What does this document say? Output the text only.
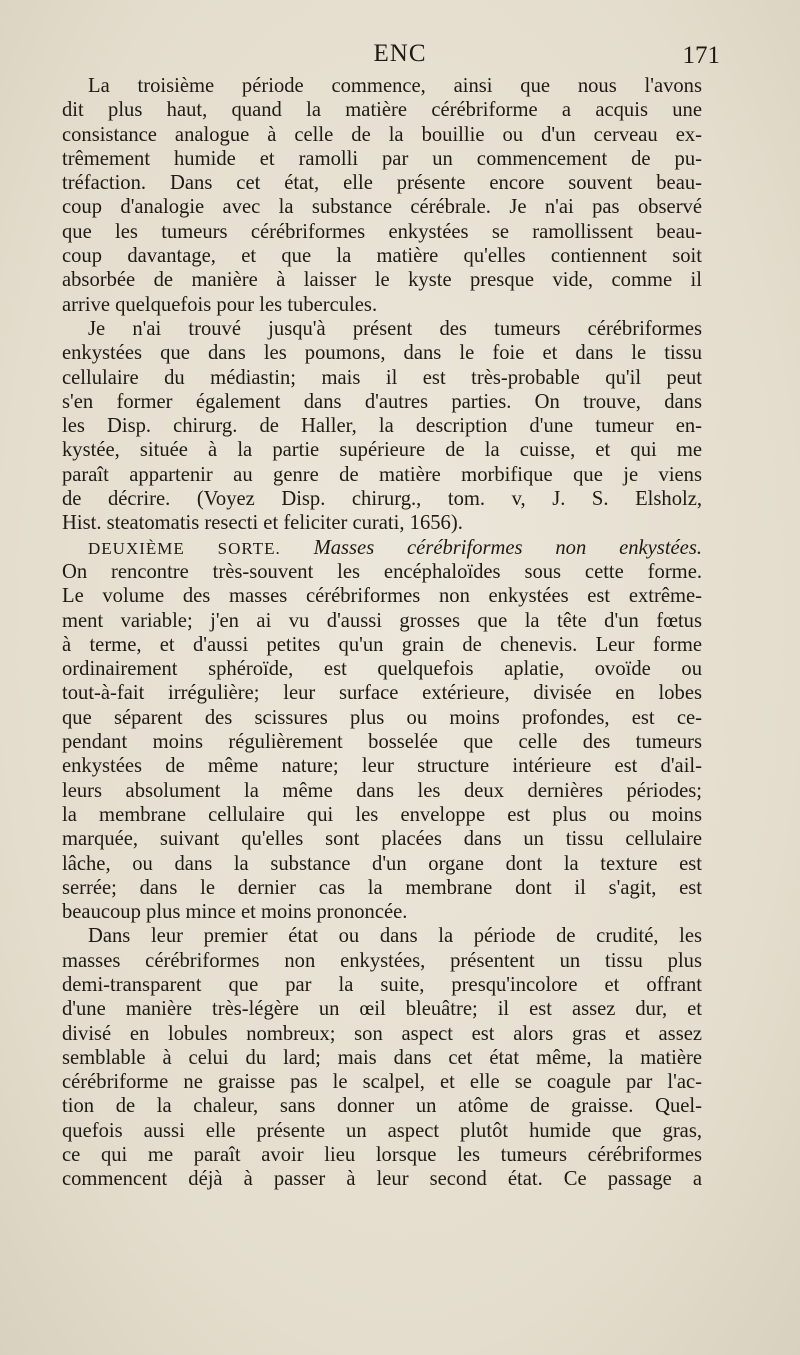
ENC	171
La troisième période commence, ainsi que nous l'avons
dit plus haut, quand la matière cérébriforme a acquis une
consistance analogue à celle de la bouillie ou d'un cerveau ex-
trêmement humide et ramolli par un commencement de pu-
tréfaction. Dans cet état, elle présente encore souvent beau-
coup d'analogie avec la substance cérébrale. Je n'ai pas observé
que les tumeurs cérébriformes enkystées se ramollissent beau-
coup davantage, et que la matière qu'elles contiennent soit
absorbée de manière à laisser le kyste presque vide, comme il
arrive quelquefois pour les tubercules.
Je n'ai trouvé jusqu'à présent des tumeurs cérébriformes
enkystées que dans les poumons, dans le foie et dans le tissu
cellulaire du médiastin; mais il est très-probable qu'il peut
s'en former également dans d'autres parties. On trouve, dans
les Disp. chirurg. de Haller, la description d'une tumeur en-
kystée, située à la partie supérieure de la cuisse, et qui me
paraît appartenir au genre de matière morbifique que je viens
de décrire. (Voyez Disp. chirurg., tom. v, J. S. Elsholz,
Hist. steatomatis resecti et feliciter curati, 1656).
DEUXIÈME SORTE. Masses cérébriformes non enkystées.
On rencontre très-souvent les encéphaloïdes sous cette forme.
Le volume des masses cérébriformes non enkystées est extrême-
ment variable; j'en ai vu d'aussi grosses que la tête d'un fœtus
à terme, et d'aussi petites qu'un grain de chenevis. Leur forme
ordinairement sphéroïde, est quelquefois aplatie, ovoïde ou
tout-à-fait irrégulière; leur surface extérieure, divisée en lobes
que séparent des scissures plus ou moins profondes, est ce-
pendant moins régulièrement bosselée que celle des tumeurs
enkystées de même nature; leur structure intérieure est d'ail-
leurs absolument la même dans les deux dernières périodes;
la membrane cellulaire qui les enveloppe est plus ou moins
marquée, suivant qu'elles sont placées dans un tissu cellulaire
lâche, ou dans la substance d'un organe dont la texture est
serrée; dans le dernier cas la membrane dont il s'agit, est
beaucoup plus mince et moins prononcée.
Dans leur premier état ou dans la période de crudité, les
masses cérébriformes non enkystées, présentent un tissu plus
demi-transparent que par la suite, presqu'incolore et offrant
d'une manière très-légère un œil bleuâtre; il est assez dur, et
divisé en lobules nombreux; son aspect est alors gras et assez
semblable à celui du lard; mais dans cet état même, la matière
cérébriforme ne graisse pas le scalpel, et elle se coagule par l'ac-
tion de la chaleur, sans donner un atôme de graisse. Quel-
quefois aussi elle présente un aspect plutôt humide que gras,
ce qui me paraît avoir lieu lorsque les tumeurs cérébriformes
commencent déjà à passer à leur second état. Ce passage a
